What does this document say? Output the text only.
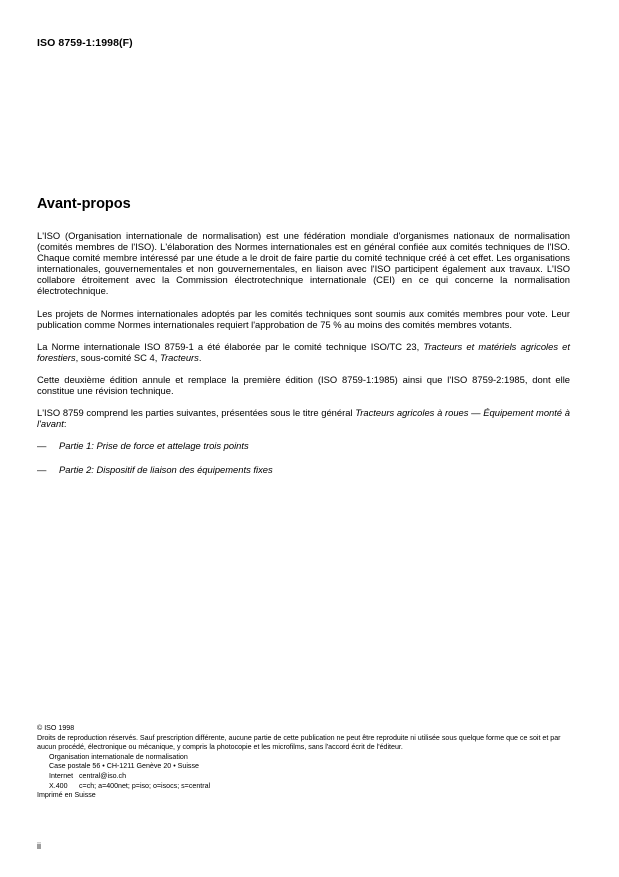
ISO 8759-1:1998(F)
Avant-propos

L'ISO (Organisation internationale de normalisation) est une fédération mondiale d'organismes nationaux de normalisation (comités membres de l'ISO). L'élaboration des Normes internationales est en général confiée aux comités techniques de l'ISO. Chaque comité membre intéressé par une étude a le droit de faire partie du comité technique créé à cet effet. Les organisations internationales, gouvernementales et non gouvernementales, en liaison avec l'ISO participent également aux travaux. L'ISO collabore étroitement avec la Commission électrotechnique internationale (CEI) en ce qui concerne la normalisation électrotechnique.

Les projets de Normes internationales adoptés par les comités techniques sont soumis aux comités membres pour vote. Leur publication comme Normes internationales requiert l'approbation de 75 % au moins des comités membres votants.

La Norme internationale ISO 8759-1 a été élaborée par le comité technique ISO/TC 23, Tracteurs et matériels agricoles et forestiers, sous-comité SC 4, Tracteurs.

Cette deuxième édition annule et remplace la première édition (ISO 8759-1:1985) ainsi que l'ISO 8759-2:1985, dont elle constitue une révision technique.

L'ISO 8759 comprend les parties suivantes, présentées sous le titre général Tracteurs agricoles à roues — Équipement monté à l'avant:

—	Partie 1: Prise de force et attelage trois points
—	Partie 2: Dispositif de liaison des équipements fixes
© ISO 1998
Droits de reproduction réservés. Sauf prescription différente, aucune partie de cette publication ne peut être reproduite ni utilisée sous quelque forme que ce soit et par aucun procédé, électronique ou mécanique, y compris la photocopie et les microfilms, sans l'accord écrit de l'éditeur.
Organisation internationale de normalisation
Case postale 56 • CH-1211 Genève 20 • Suisse
Internet central@iso.ch
X.400	c=ch; a=400net; p=iso; o=isocs; s=central
Imprimé en Suisse
ii
